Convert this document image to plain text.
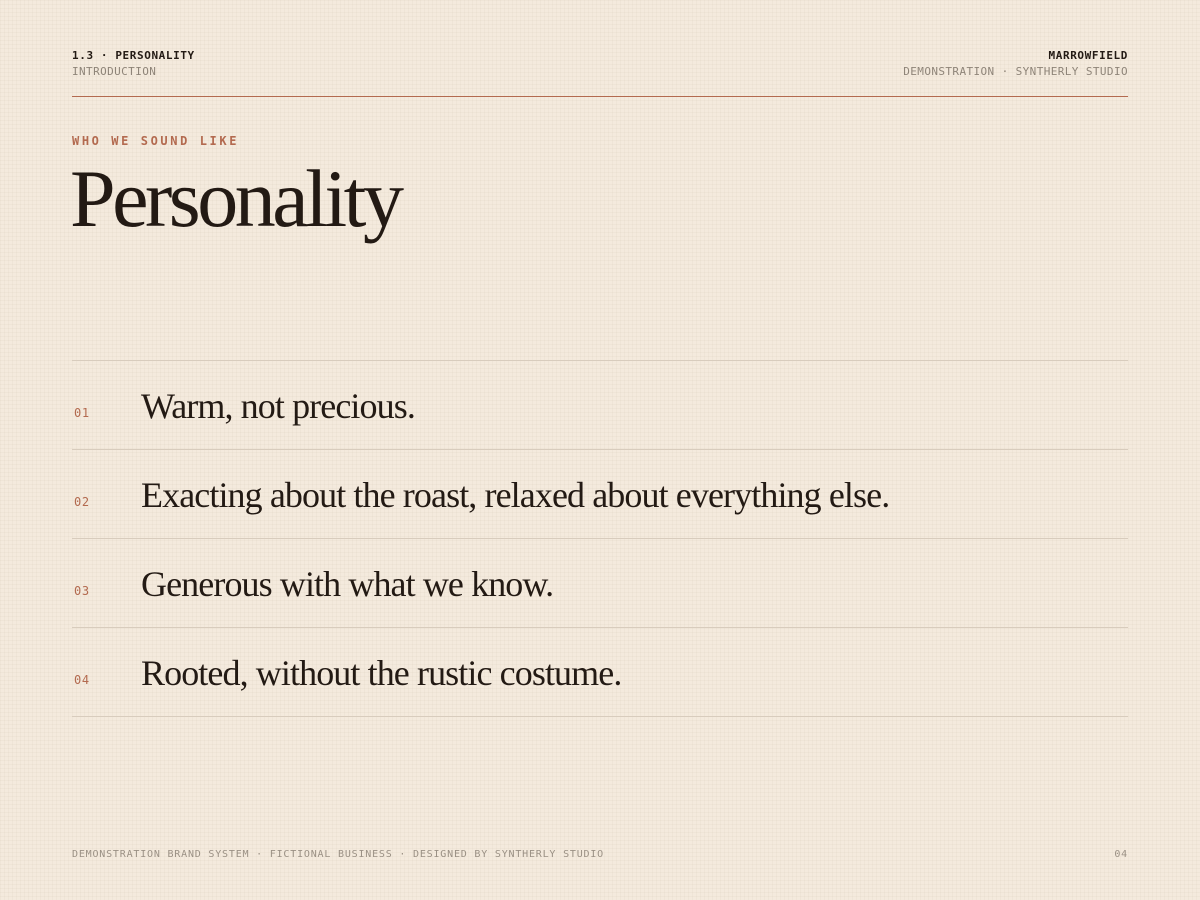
1.3 · PERSONALITY
INTRODUCTION
MARROWFIELD
DEMONSTRATION · SYNTHERLY STUDIO
WHO WE SOUND LIKE
Personality
01 Warm, not precious.
02 Exacting about the roast, relaxed about everything else.
03 Generous with what we know.
04 Rooted, without the rustic costume.
DEMONSTRATION BRAND SYSTEM · FICTIONAL BUSINESS · DESIGNED BY SYNTHERLY STUDIO	04
